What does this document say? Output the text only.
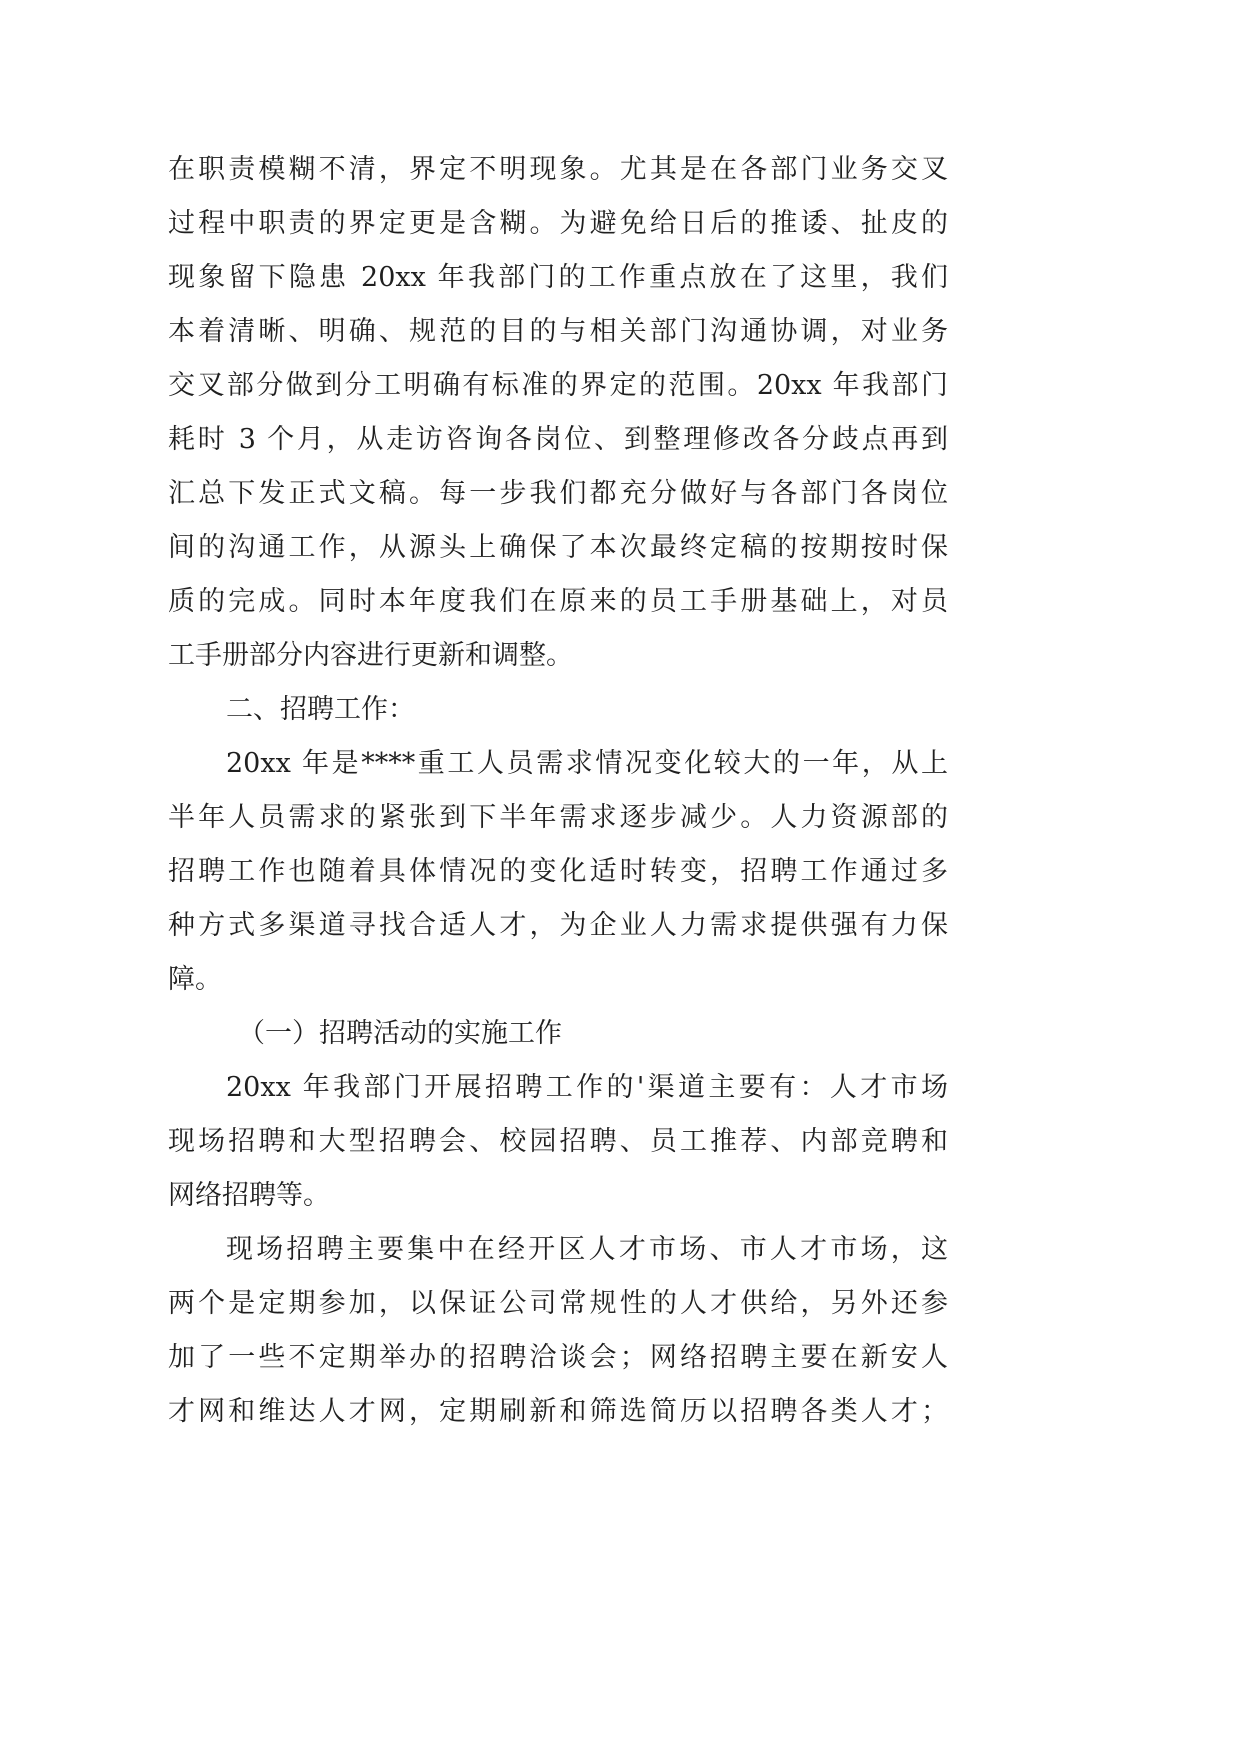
在职责模糊不清，界定不明现象。尤其是在各部门业务交叉
过程中职责的界定更是含糊。为避免给日后的推诿、扯皮的
现象留下隐患 20xx 年我部门的工作重点放在了这里，我们
本着清晰、明确、规范的目的与相关部门沟通协调，对业务
交叉部分做到分工明确有标准的界定的范围。20xx 年我部门
耗时 3 个月，从走访咨询各岗位、到整理修改各分歧点再到
汇总下发正式文稿。每一步我们都充分做好与各部门各岗位
间的沟通工作，从源头上确保了本次最终定稿的按期按时保
质的完成。同时本年度我们在原来的员工手册基础上，对员
工手册部分内容进行更新和调整。
二、招聘工作：
20xx 年是****重工人员需求情况变化较大的一年，从上
半年人员需求的紧张到下半年需求逐步减少。人力资源部的
招聘工作也随着具体情况的变化适时转变，招聘工作通过多
种方式多渠道寻找合适人才，为企业人力需求提供强有力保
障。
（一）招聘活动的实施工作
20xx 年我部门开展招聘工作的'渠道主要有：人才市场
现场招聘和大型招聘会、校园招聘、员工推荐、内部竞聘和
网络招聘等。
现场招聘主要集中在经开区人才市场、市人才市场，这
两个是定期参加，以保证公司常规性的人才供给，另外还参
加了一些不定期举办的招聘洽谈会；网络招聘主要在新安人
才网和维达人才网，定期刷新和筛选简历以招聘各类人才；
